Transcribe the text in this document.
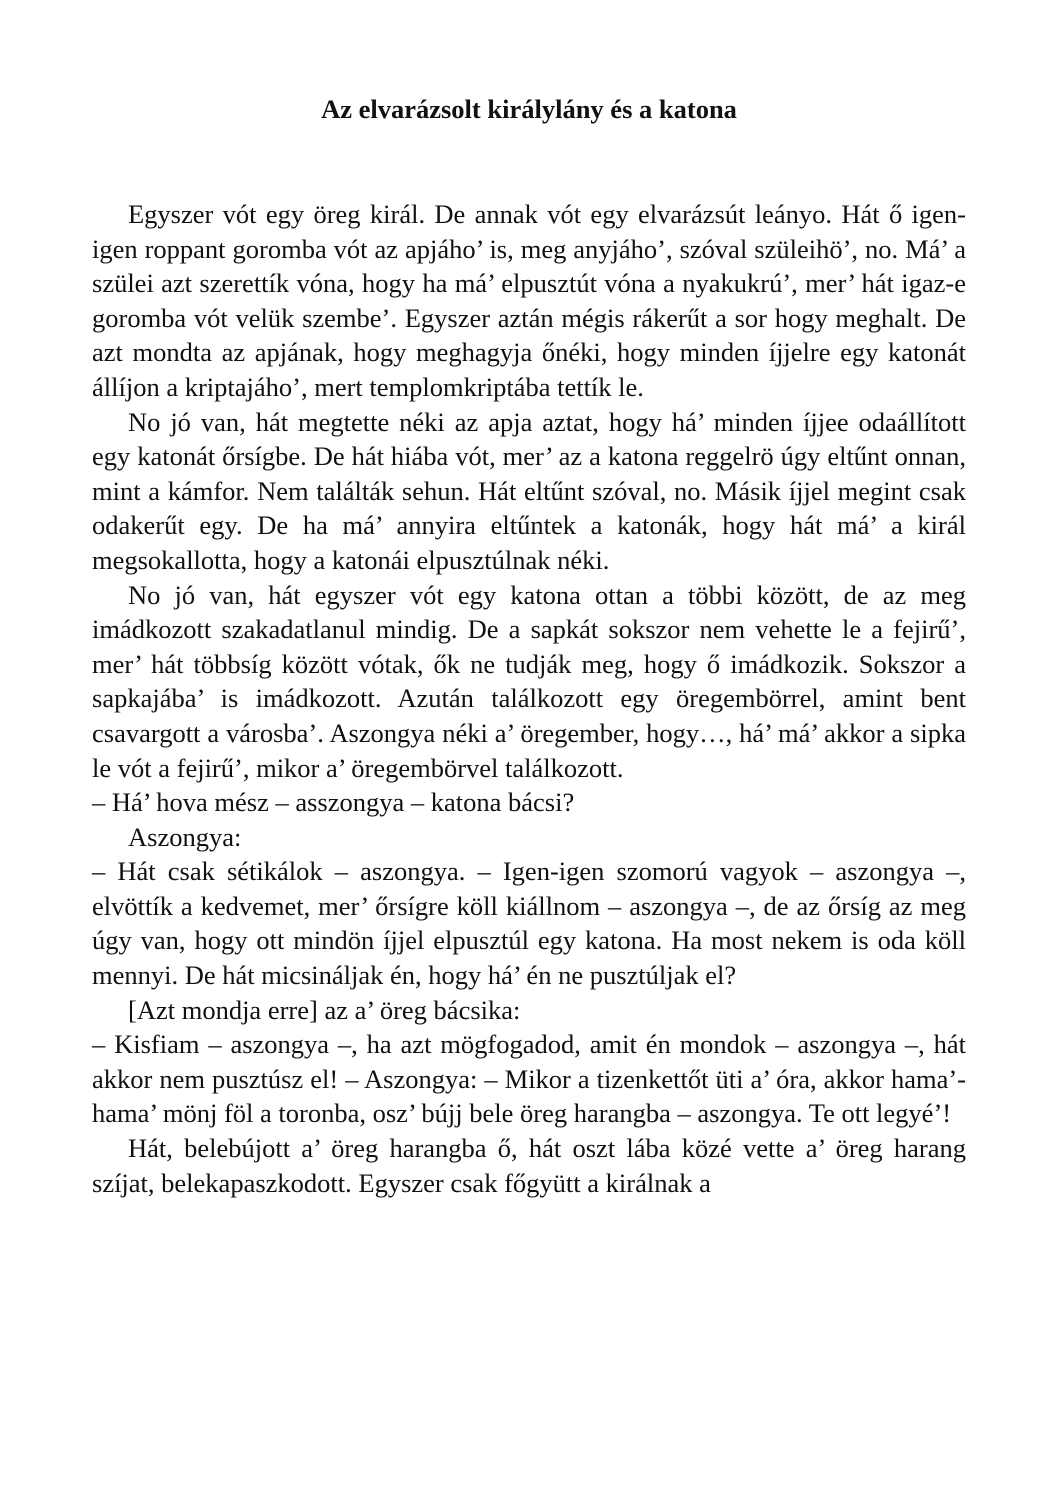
Az elvarázsolt királylány és a katona

Egyszer vót egy öreg királ. De annak vót egy elvarázsút leányo. Hát ő igen-igen roppant goromba vót az apjáho’ is, meg anyjáho’, szóval szüleihö’, no. Má’ a szülei azt szerettík vóna, hogy ha má’ elpusztút vóna a nyakukrú’, mer’ hát igaz-e goromba vót velük szembe’. Egyszer aztán mégis rákerűt a sor hogy meghalt. De azt mondta az apjának, hogy meghagyja őnéki, hogy minden íjjelre egy katonát állíjon a kriptajáho’, mert templomkriptába tettík le.

No jó van, hát megtette néki az apja aztat, hogy há’ minden íjjee odaállított egy katonát őrsígbe. De hát hiába vót, mer’ az a katona reggelrö úgy eltűnt onnan, mint a kámfor. Nem találták sehun. Hát eltűnt szóval, no. Másik íjjel megint csak odakerűt egy. De ha má’ annyira eltűntek a katonák, hogy hát má’ a királ megsokallotta, hogy a katonái elpusztúlnak néki.

No jó van, hát egyszer vót egy katona ottan a többi között, de az meg imádkozott szakadatlanul mindig. De a sapkát sokszor nem vehette le a fejirű’, mer’ hát többsíg között vótak, ők ne tudják meg, hogy ő imádkozik. Sokszor a sapkajába’ is imádkozott. Azután találkozott egy öregembörrel, amint bent csavargott a városba’. Aszongya néki a’ öregember, hogy…, há’ má’ akkor a sipka le vót a fejirű’, mikor a’ öregembörvel találkozott.

– Há’ hova mész – asszongya – katona bácsi?

Aszongya:

– Hát csak sétikálok – aszongya. – Igen-igen szomorú vagyok – aszongya –, elvöttík a kedvemet, mer’ őrsígre köll kiállnom – aszongya –, de az őrsíg az meg úgy van, hogy ott mindön íjjel elpusztúl egy katona. Ha most nekem is oda köll mennyi. De hát micsináljak én, hogy há’ én ne pusztúljak el?

[Azt mondja erre] az a’ öreg bácsika:

– Kisfiam – aszongya –, ha azt mögfogadod, amit én mondok – aszongya –, hát akkor nem pusztúsz el! – Aszongya: – Mikor a tizenkettőt üti a’ óra, akkor hama’-hama’ mönj föl a toronba, osz’ bújj bele öreg harangba – aszongya. Te ott legyé’!

Hát, belebújott a’ öreg harangba ő, hát oszt lába közé vette a’ öreg harang szíjat, belekapaszkodott. Egyszer csak főgyütt a királnak a
